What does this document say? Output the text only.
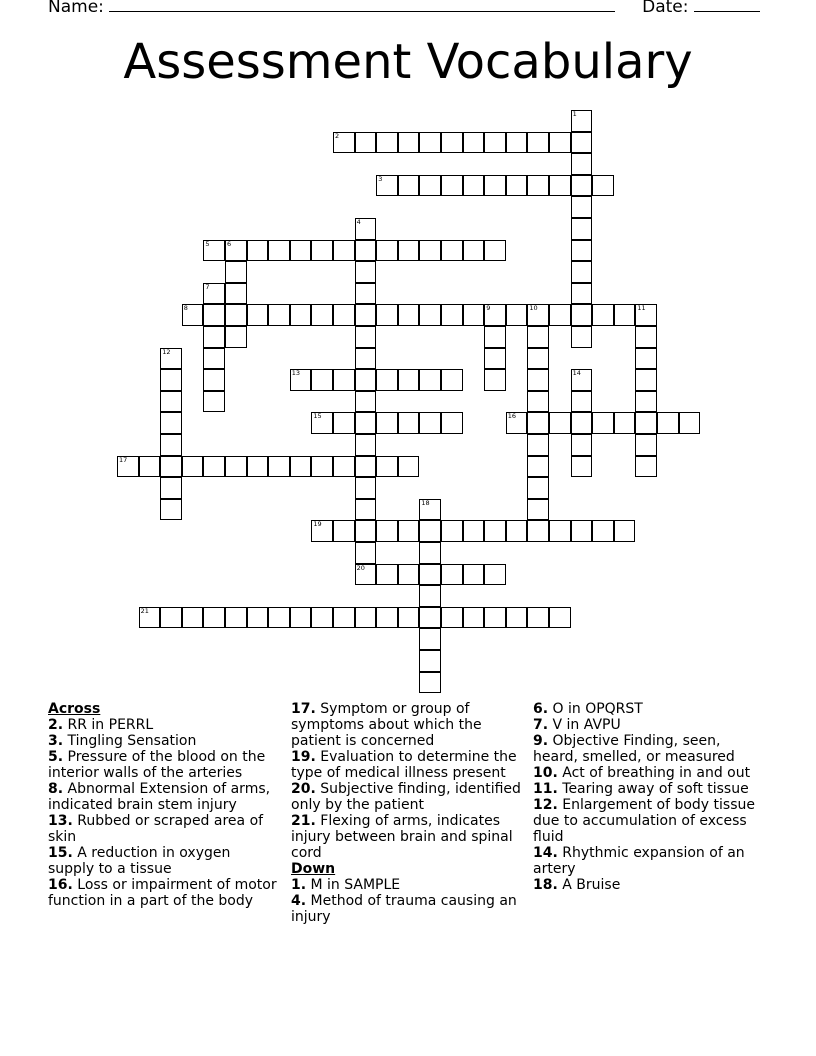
Name:	Date:
Assessment Vocabulary
1
2
3
4
20
5	6
7
8	9	10	11
12
13	14
15	16
17
18
19
21
Across
2. RR in PERRL
3. Tingling Sensation
5. Pressure of the blood on the interior walls of the arteries
8. Abnormal Extension of arms, indicated brain stem injury
13. Rubbed or scraped area of skin
15. A reduction in oxygen supply to a tissue
16. Loss or impairment of motor function in a part of the body
17. Symptom or group of symptoms about which the patient is concerned
19. Evaluation to determine the type of medical illness present
20. Subjective finding, identified only by the patient
21. Flexing of arms, indicates injury between brain and spinal cord
Down
1. M in SAMPLE
4. Method of trauma causing an injury
6. O in OPQRST
7. V in AVPU
9. Objective Finding, seen, heard, smelled, or measured
10. Act of breathing in and out
11. Tearing away of soft tissue
12. Enlargement of body tissue due to accumulation of excess fluid
14. Rhythmic expansion of an artery
18. A Bruise
